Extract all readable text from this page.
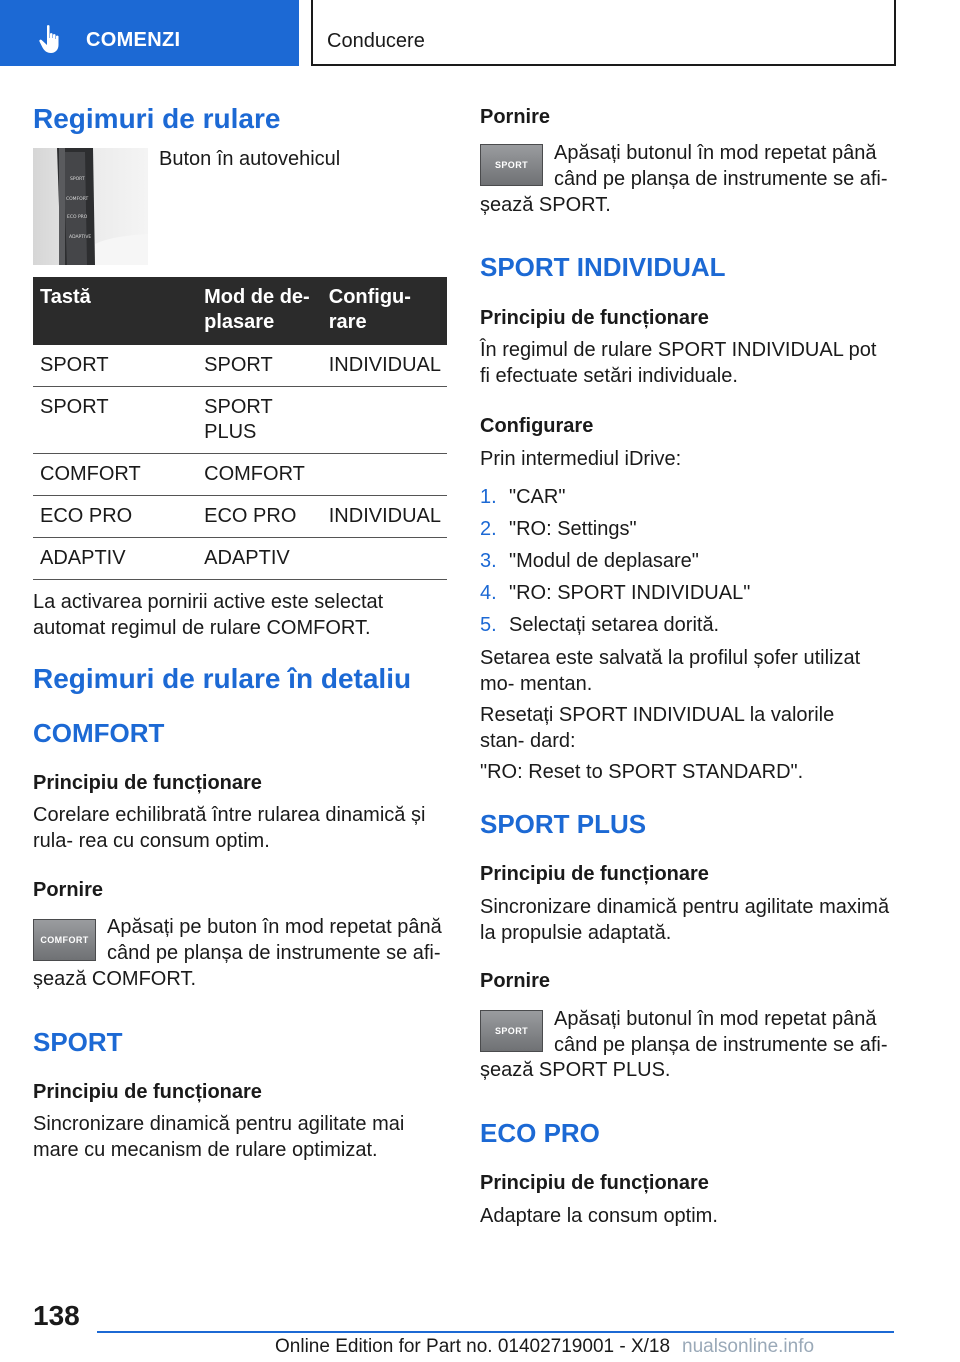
COMENZI	Conducere
Regimuri de rulare
Buton în autovehicul
SPORT
COMFORT
ECO PRO
ADAPTIVE
Tastă	Mod de de- plasare	Configu- rare
SPORT	SPORT	INDIVIDUAL
SPORT	SPORT PLUS	
COMFORT	COMFORT	
ECO PRO	ECO PRO	INDIVIDUAL
ADAPTIV	ADAPTIV	
La activarea pornirii active este selectat automat regimul de rulare COMFORT.
Regimuri de rulare în detaliu
COMFORT
Principiu de funcționare
Corelare echilibrată între rularea dinamică și rula- rea cu consum optim.
Pornire
COMFORT
Apăsați pe buton în mod repetat până
când pe planșa de instrumente se afi-
șează COMFORT.
SPORT
Principiu de funcționare
Sincronizare dinamică pentru agilitate mai mare cu mecanism de rulare optimizat.
Pornire
SPORT
Apăsați butonul în mod repetat până
când pe planșa de instrumente se afi-
șează SPORT.
SPORT INDIVIDUAL
Principiu de funcționare
În regimul de rulare SPORT INDIVIDUAL pot fi efectuate setări individuale.
Configurare
Prin intermediul iDrive:
1. "CAR"
2. "RO: Settings"
3. "Modul de deplasare"
4. "RO: SPORT INDIVIDUAL"
5. Selectați setarea dorită.
Setarea este salvată la profilul șofer utilizat mo- mentan.
Resetați SPORT INDIVIDUAL la valorile stan- dard:
"RO: Reset to SPORT STANDARD".
SPORT PLUS
Principiu de funcționare
Sincronizare dinamică pentru agilitate maximă la propulsie adaptată.
Pornire
SPORT
Apăsați butonul în mod repetat până
când pe planșa de instrumente se afi-
șează SPORT PLUS.
ECO PRO
Principiu de funcționare
Adaptare la consum optim.
138
Online Edition for Part no. 01402719001 - X/18 nualsonline.info
